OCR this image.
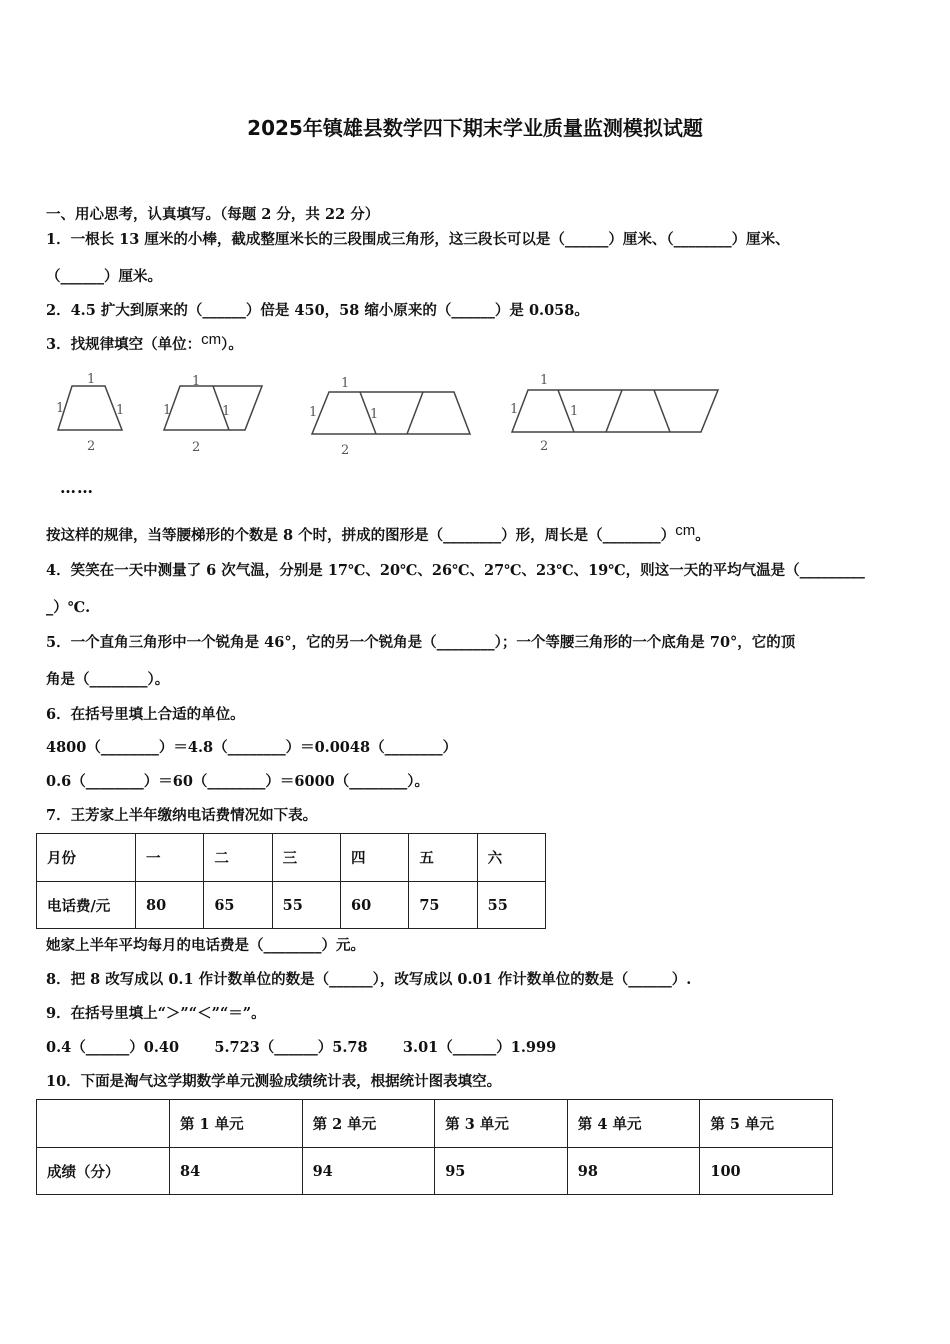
2025年镇雄县数学四下期末学业质量监测模拟试题
一、用心思考，认真填写。（每题 2 分，共 22 分）
1．一根长 13 厘米的小棒，截成整厘米长的三段围成三角形，这三段长可以是（______）厘米、（________）厘米、
（______）厘米。
2．4.5 扩大到原来的（______）倍是 450，58 缩小原来的（______）是 0.058。
3．找规律填空（单位：cm）。
1
1	1
2
1
1	1
2
1
1	1
2
1
1	1
2
……
按这样的规律，当等腰梯形的个数是 8 个时，拼成的图形是（________）形，周长是（________）cm。
4．笑笑在一天中测量了 6 次气温，分别是 17℃、20℃、26℃、27℃、23℃、19℃，则这一天的平均气温是（_________
_）℃.
5．一个直角三角形中一个锐角是 46°，它的另一个锐角是（________）；一个等腰三角形的一个底角是 70°，它的顶
角是（________）。
6．在括号里填上合适的单位。
4800（________）＝4.8（________）＝0.0048（________）
0.6（________）＝60（________）＝6000（________）。
7．王芳家上半年缴纳电话费情况如下表。
月份	一	二	三	四	五	六
电话费/元	80	65	55	60	75	55
她家上半年平均每月的电话费是（________）元。
8．把 8 改写成以 0.1 作计数单位的数是（______），改写成以 0.01 作计数单位的数是（______）.
9．在括号里填上“＞”“＜”“＝”。
0.4（______）0.40       5.723（______）5.78       3.01（______）1.999
10．下面是淘气这学期数学单元测验成绩统计表，根据统计图表填空。
	第 1 单元	第 2 单元	第 3 单元	第 4 单元	第 5 单元
成绩（分）	84	94	95	98	100
